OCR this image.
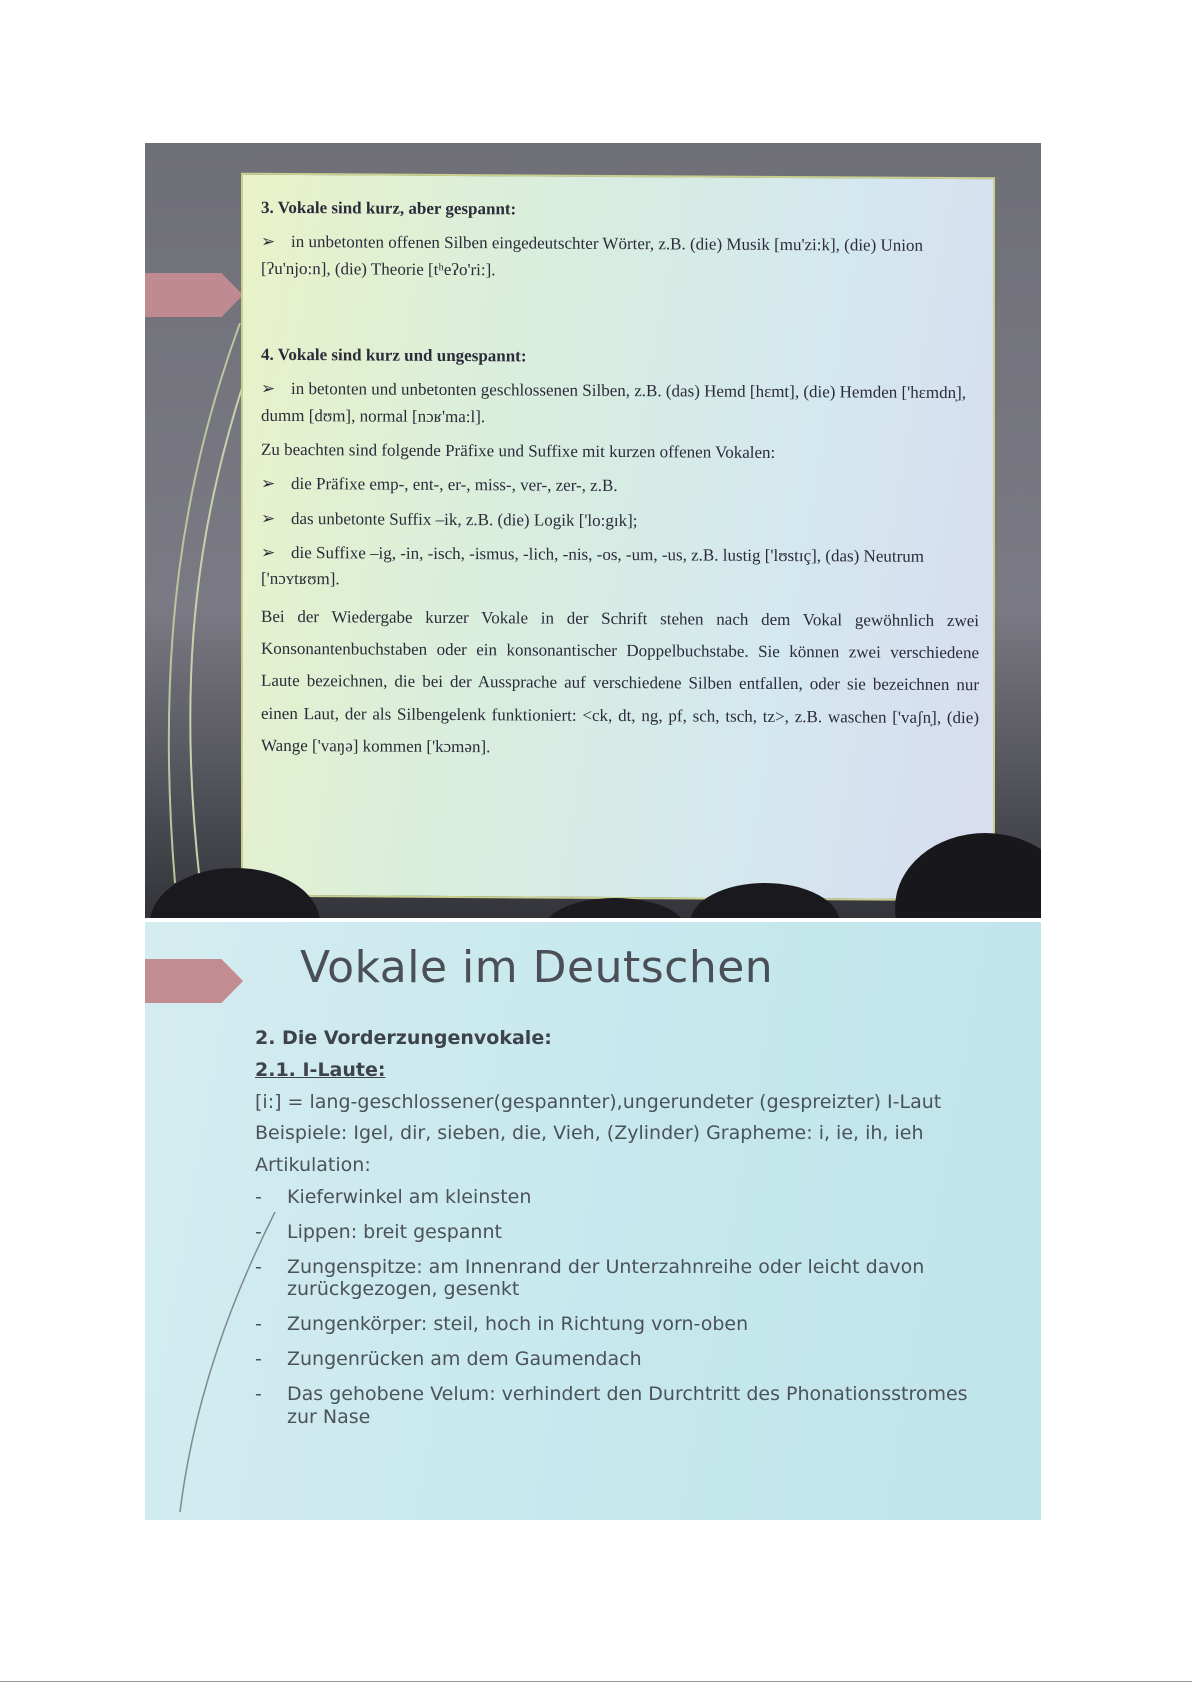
3. Vokale sind kurz, aber gespannt:

➢ in unbetonten offenen Silben eingedeutschter Wörter, z.B. (die) Musik [mu'zi:k], (die) Union [ʔu'njo:n], (die) Theorie [tʰeʔo'ri:].

4. Vokale sind kurz und ungespannt:

➢ in betonten und unbetonten geschlossenen Silben, z.B. (das) Hemd [hɛmt], (die) Hemden ['hɛmdn̩], dumm [dʊm], normal [nɔʁ'ma:l].

Zu beachten sind folgende Präfixe und Suffixe mit kurzen offenen Vokalen:

➢ die Präfixe emp-, ent-, er-, miss-, ver-, zer-, z.B.

➢ das unbetonte Suffix –ik, z.B. (die) Logik ['lo:gɪk];

➢ die Suffixe –ig, -in, -isch, -ismus, -lich, -nis, -os, -um, -us, z.B. lustig ['lʊstɪç], (das) Neutrum ['nɔʏtʁʊm].

Bei der Wiedergabe kurzer Vokale in der Schrift stehen nach dem Vokal gewöhnlich zwei Konsonantenbuchstaben oder ein konsonantischer Doppelbuchstabe. Sie können zwei verschiedene Laute bezeichnen, die bei der Aussprache auf verschiedene Silben entfallen, oder sie bezeichnen nur einen Laut, der als Silbengelenk funktioniert: <ck, dt, ng, pf, sch, tsch, tz>, z.B. waschen ['vaʃn̩], (die) Wange ['vaŋə] kommen ['kɔmən].

Vokale im Deutschen

2. Die Vorderzungenvokale:

2.1. I-Laute:

[i:] = lang-geschlossener(gespannter),ungerundeter (gespreizter) I-Laut

Beispiele: Igel, dir, sieben, die, Vieh, (Zylinder) Grapheme: i, ie, ih, ieh

Artikulation:

- Kieferwinkel am kleinsten

- Lippen: breit gespannt

- Zungenspitze: am Innenrand der Unterzahnreihe oder leicht davon zurückgezogen, gesenkt

- Zungenkörper: steil, hoch in Richtung vorn-oben

- Zungenrücken am dem Gaumendach

- Das gehobene Velum: verhindert den Durchtritt des Phonationsstromes zur Nase
